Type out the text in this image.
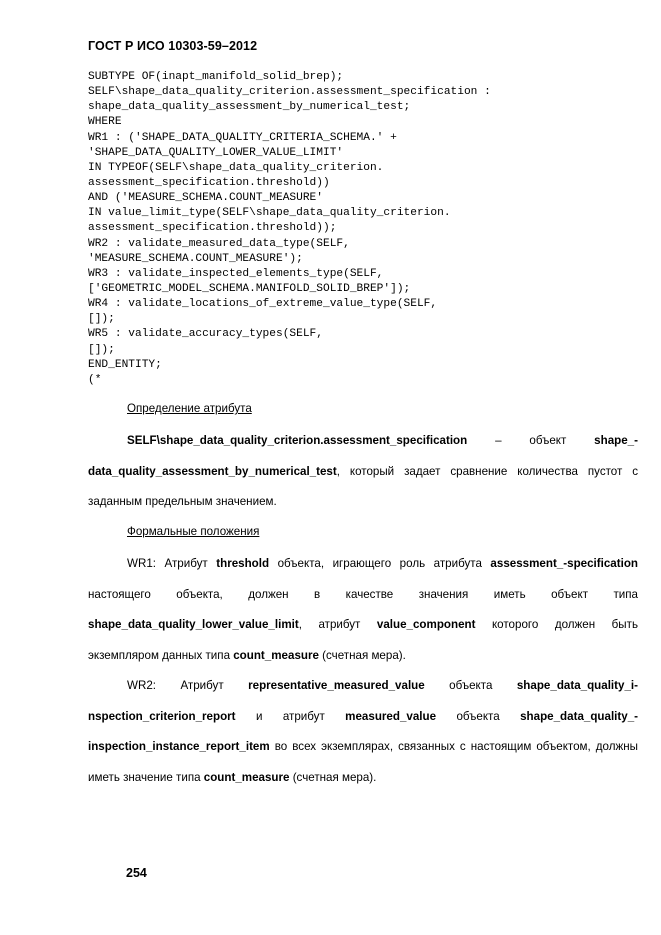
ГОСТ Р ИСО 10303-59–2012
SUBTYPE OF(inapt_manifold_solid_brep);
SELF\shape_data_quality_criterion.assessment_specification :
shape_data_quality_assessment_by_numerical_test;
WHERE
WR1 : ('SHAPE_DATA_QUALITY_CRITERIA_SCHEMA.' +
'SHAPE_DATA_QUALITY_LOWER_VALUE_LIMIT'
IN TYPEOF(SELF\shape_data_quality_criterion.
assessment_specification.threshold))
AND ('MEASURE_SCHEMA.COUNT_MEASURE'
IN value_limit_type(SELF\shape_data_quality_criterion.
assessment_specification.threshold));
WR2 : validate_measured_data_type(SELF,
'MEASURE_SCHEMA.COUNT_MEASURE');
WR3 : validate_inspected_elements_type(SELF,
['GEOMETRIC_MODEL_SCHEMA.MANIFOLD_SOLID_BREP']);
WR4 : validate_locations_of_extreme_value_type(SELF,
[]);
WR5 : validate_accuracy_types(SELF,
[]);
END_ENTITY;
(*
Определение атрибута

SELF\shape_data_quality_criterion.assessment_specification – объект shape_-data_quality_assessment_by_numerical_test, который задает сравнение количества пустот с заданным предельным значением.

Формальные положения

WR1: Атрибут threshold объекта, играющего роль атрибута assessment_-specification настоящего объекта, должен в качестве значения иметь объект типа shape_data_quality_lower_value_limit, атрибут value_component которого должен быть экземпляром данных типа count_measure (счетная мера).

WR2: Атрибут representative_measured_value объекта shape_data_quality_i-nspection_criterion_report и атрибут measured_value объекта shape_data_quality_-inspection_instance_report_item во всех экземплярах, связанных с настоящим объектом, должны иметь значение типа count_measure (счетная мера).

254
